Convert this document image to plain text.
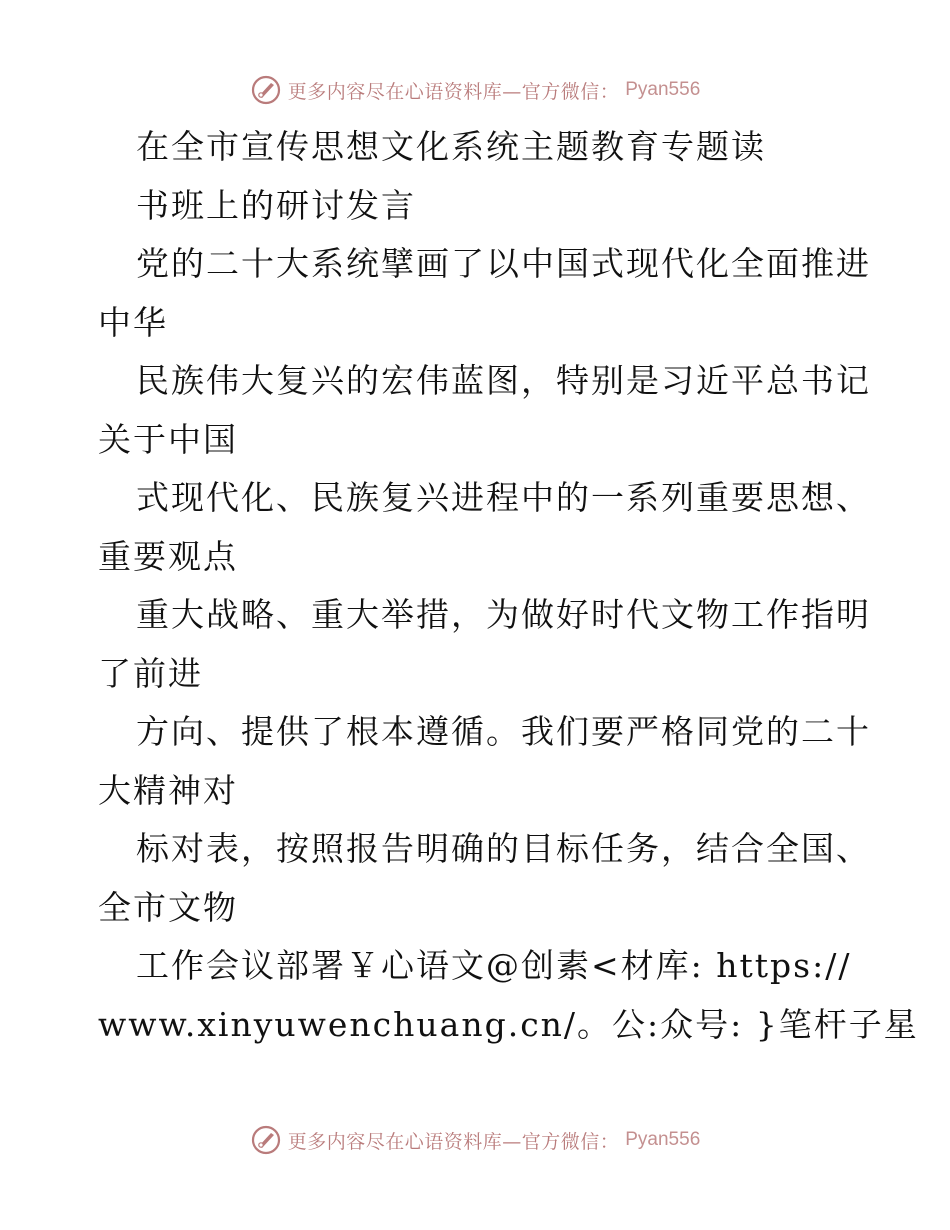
更多内容尽在心语资料库—官方微信： Pyan556
在全市宣传思想文化系统主题教育专题读
书班上的研讨发言
党的二十大系统擘画了以中国式现代化全面推进
中华
民族伟大复兴的宏伟蓝图，特别是习近平总书记
关于中国
式现代化、民族复兴进程中的一系列重要思想、
重要观点
重大战略、重大举措，为做好时代文物工作指明
了前进
方向、提供了根本遵循。我们要严格同党的二十
大精神对
标对表，按照报告明确的目标任务，结合全国、
全市文物
工作会议部署￥心语文@创素<材库: https://
www.xinyuwenchuang.cn/。公:众号: }笔杆子星
更多内容尽在心语资料库—官方微信： Pyan556
